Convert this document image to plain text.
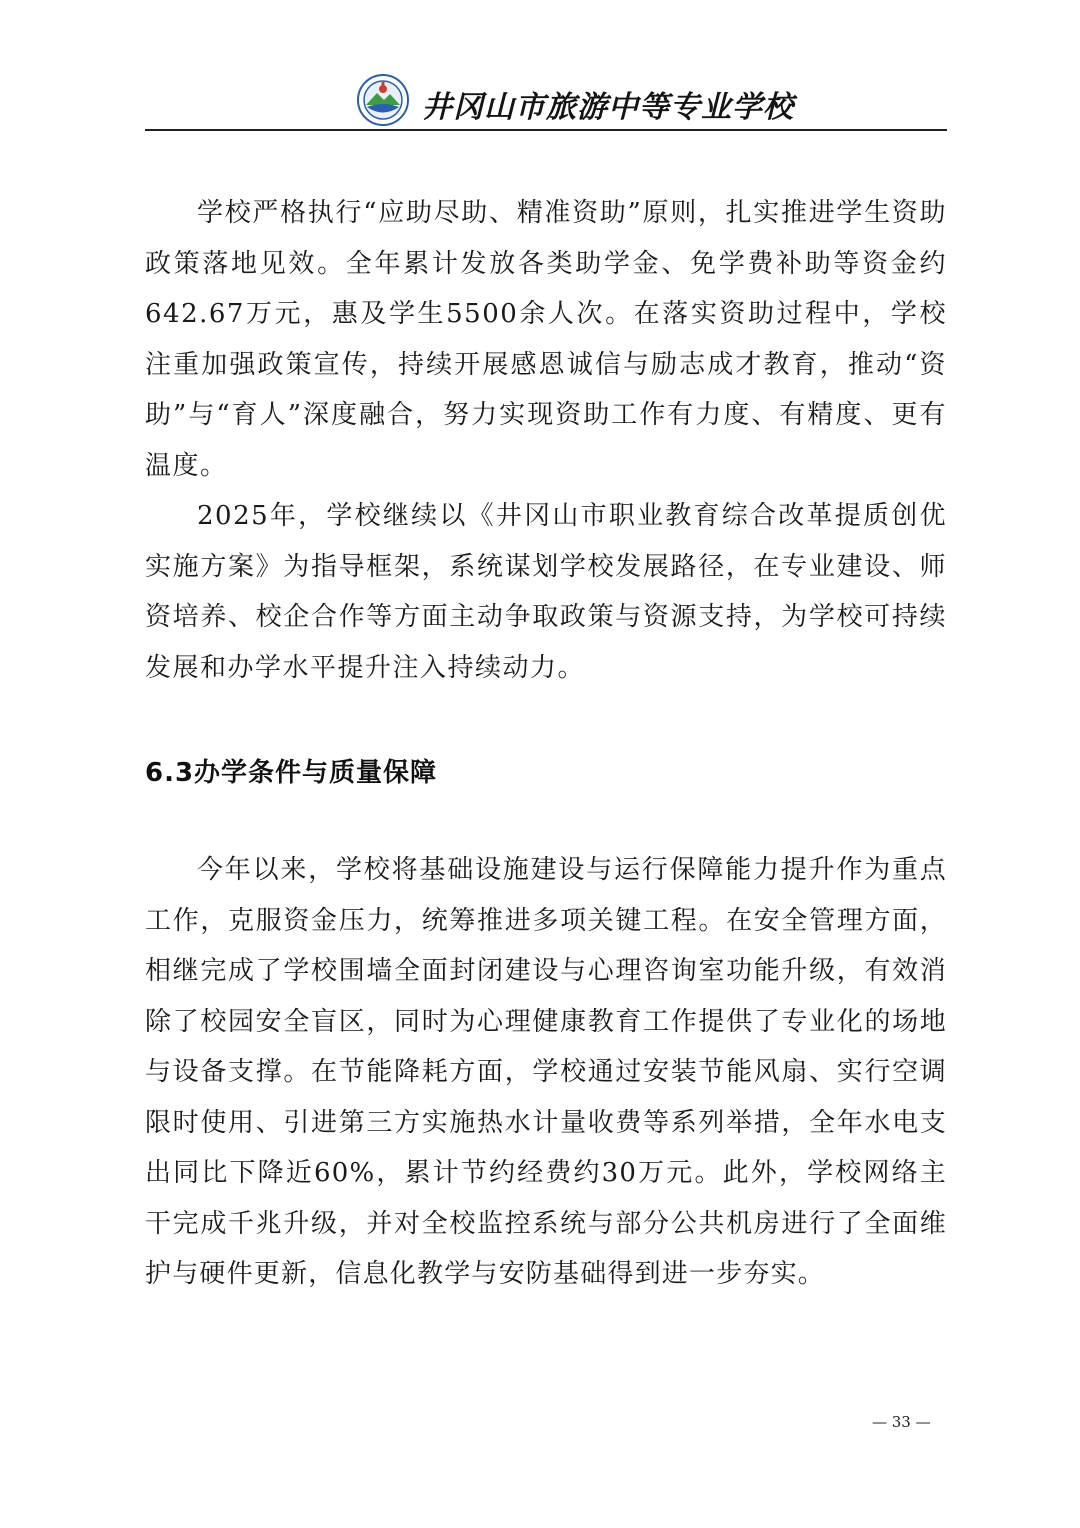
井冈山市旅游中等专业学校

学校严格执行“应助尽助、精准资助”原则，扎实推进学生资助政策落地见效。全年累计发放各类助学金、免学费补助等资金约642.67万元，惠及学生5500余人次。在落实资助过程中，学校注重加强政策宣传，持续开展感恩诚信与励志成才教育，推动“资助”与“育人”深度融合，努力实现资助工作有力度、有精度、更有温度。

2025年，学校继续以《井冈山市职业教育综合改革提质创优实施方案》为指导框架，系统谋划学校发展路径，在专业建设、师资培养、校企合作等方面主动争取政策与资源支持，为学校可持续发展和办学水平提升注入持续动力。

6.3办学条件与质量保障

今年以来，学校将基础设施建设与运行保障能力提升作为重点工作，克服资金压力，统筹推进多项关键工程。在安全管理方面，相继完成了学校围墙全面封闭建设与心理咨询室功能升级，有效消除了校园安全盲区，同时为心理健康教育工作提供了专业化的场地与设备支撑。在节能降耗方面，学校通过安装节能风扇、实行空调限时使用、引进第三方实施热水计量收费等系列举措，全年水电支出同比下降近60%，累计节约经费约30万元。此外，学校网络主干完成千兆升级，并对全校监控系统与部分公共机房进行了全面维护与硬件更新，信息化教学与安防基础得到进一步夯实。

— 33 —
